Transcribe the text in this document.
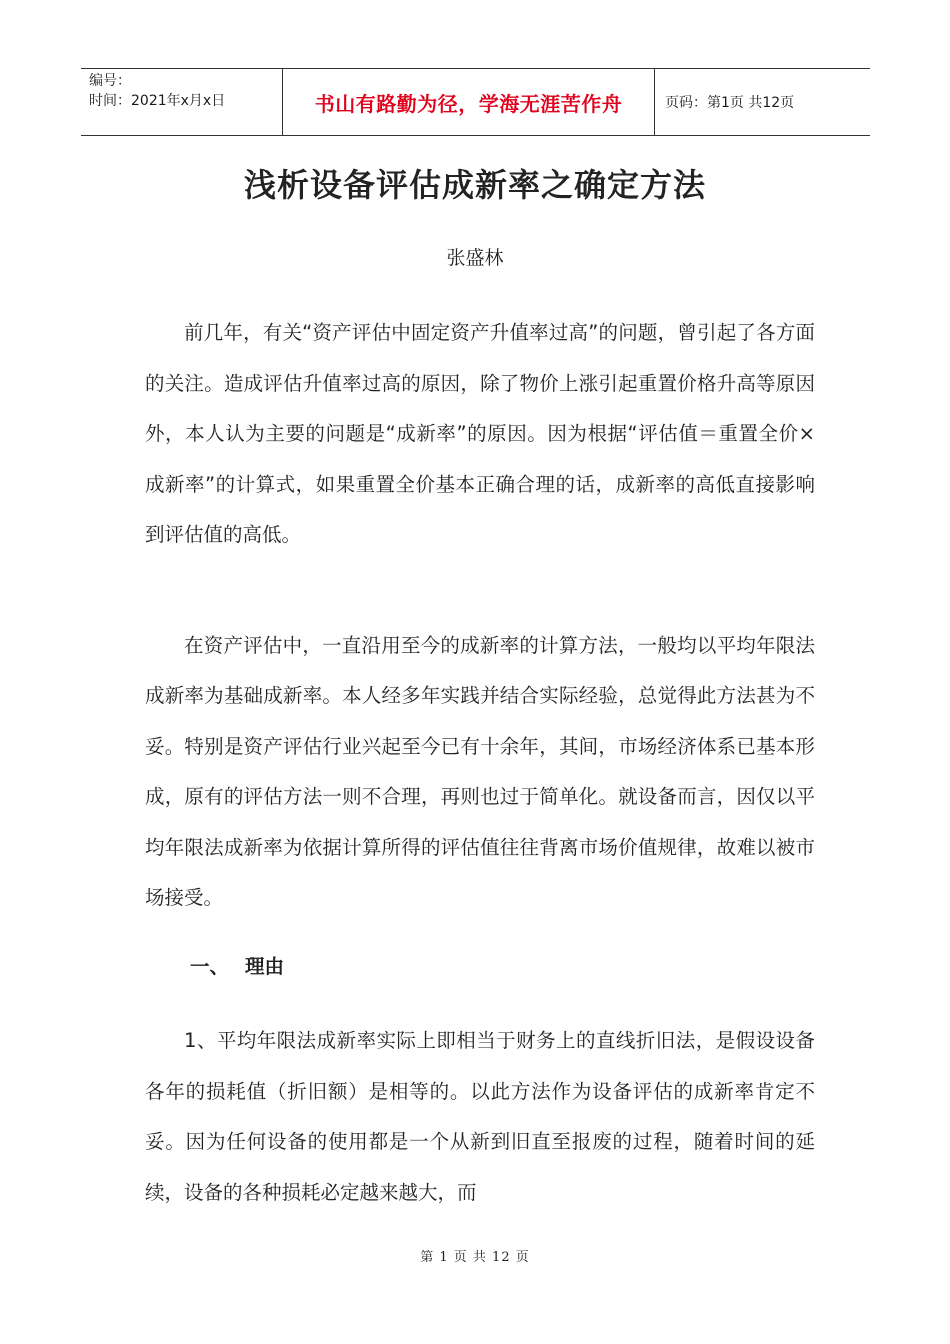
编号：
时间：2021年x月x日	书山有路勤为径，学海无涯苦作舟	页码：第1页 共12页
浅析设备评估成新率之确定方法
张盛林

前几年，有关“资产评估中固定资产升值率过高”的问题，曾引起了各方面的关注。造成评估升值率过高的原因，除了物价上涨引起重置价格升高等原因外，本人认为主要的问题是“成新率”的原因。因为根据“评估值＝重置全价×成新率”的计算式，如果重置全价基本正确合理的话，成新率的高低直接影响到评估值的高低。

在资产评估中，一直沿用至今的成新率的计算方法，一般均以平均年限法成新率为基础成新率。本人经多年实践并结合实际经验，总觉得此方法甚为不妥。特别是资产评估行业兴起至今已有十余年，其间，市场经济体系已基本形成，原有的评估方法一则不合理，再则也过于简单化。就设备而言，因仅以平均年限法成新率为依据计算所得的评估值往往背离市场价值规律，故难以被市场接受。

一、 理由

1、平均年限法成新率实际上即相当于财务上的直线折旧法，是假设设备各年的损耗值（折旧额）是相等的。以此方法作为设备评估的成新率肯定不妥。因为任何设备的使用都是一个从新到旧直至报废的过程，随着时间的延续，设备的各种损耗必定越来越大，而

第 1 页 共 12 页
